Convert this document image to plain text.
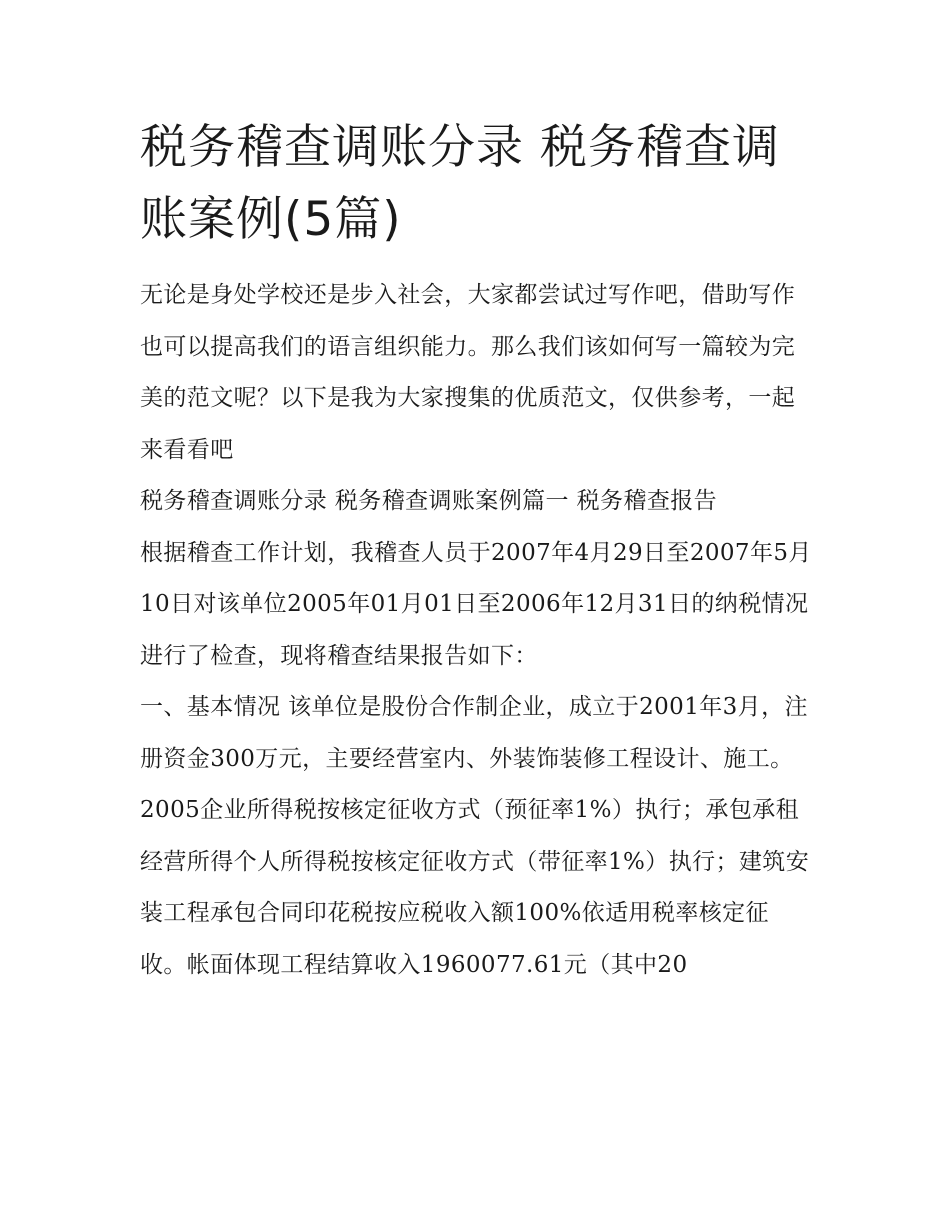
税务稽查调账分录 税务稽查调账案例(5篇)

无论是身处学校还是步入社会，大家都尝试过写作吧，借助写作也可以提高我们的语言组织能力。那么我们该如何写一篇较为完美的范文呢？以下是我为大家搜集的优质范文，仅供参考，一起来看看吧

税务稽查调账分录 税务稽查调账案例篇一 税务稽查报告

根据稽查工作计划，我稽查人员于2007年4月29日至2007年5月10日对该单位2005年01月01日至2006年12月31日的纳税情况进行了检查，现将稽查结果报告如下：

一、基本情况 该单位是股份合作制企业，成立于2001年3月，注册资金300万元，主要经营室内、外装饰装修工程设计、施工。

2005企业所得税按核定征收方式（预征率1%）执行；承包承租经营所得个人所得税按核定征收方式（带征率1%）执行；建筑安装工程承包合同印花税按应税收入额100%依适用税率核定征收。帐面体现工程结算收入1960077.61元（其中20
